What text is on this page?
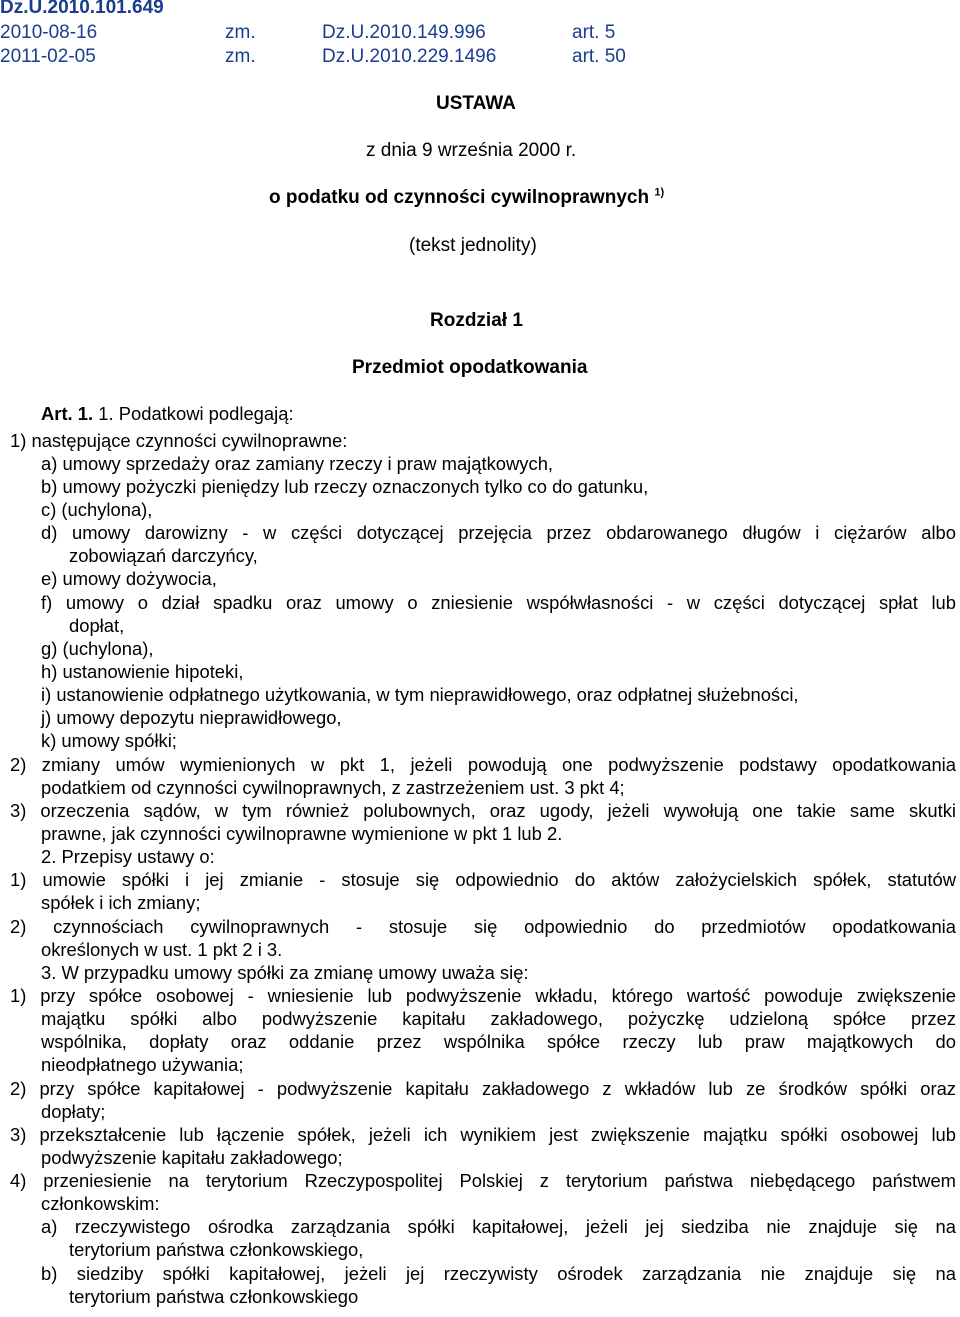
Dz.U.2010.101.649
2010-08-16	zm.	Dz.U.2010.149.996	art. 5
2011-02-05	zm.	Dz.U.2010.229.1496	art. 50
USTAWA
z dnia 9 września 2000 r.
o podatku od czynności cywilnoprawnych $^{1)}$
(tekst jednolity)
Rozdział 1
Przedmiot opodatkowania
Art. 1. 1. Podatkowi podlegają:
1) następujące czynności cywilnoprawne:
a) umowy sprzedaży oraz zamiany rzeczy i praw majątkowych,
b) umowy pożyczki pieniędzy lub rzeczy oznaczonych tylko co do gatunku,
c) (uchylona),
d) umowy darowizny - w części dotyczącej przejęcia przez obdarowanego długów i ciężarów albo
zobowiązań darczyńcy,
e) umowy dożywocia,
f) umowy o dział spadku oraz umowy o zniesienie współwłasności - w części dotyczącej spłat lub
dopłat,
g) (uchylona),
h) ustanowienie hipoteki,
i) ustanowienie odpłatnego użytkowania, w tym nieprawidłowego, oraz odpłatnej służebności,
j) umowy depozytu nieprawidłowego,
k) umowy spółki;
2) zmiany umów wymienionych w pkt 1, jeżeli powodują one podwyższenie podstawy opodatkowania
podatkiem od czynności cywilnoprawnych, z zastrzeżeniem ust. 3 pkt 4;
3) orzeczenia sądów, w tym również polubownych, oraz ugody, jeżeli wywołują one takie same skutki
prawne, jak czynności cywilnoprawne wymienione w pkt 1 lub 2.
2. Przepisy ustawy o:
1) umowie spółki i jej zmianie - stosuje się odpowiednio do aktów założycielskich spółek, statutów
spółek i ich zmiany;
2) czynnościach cywilnoprawnych - stosuje się odpowiednio do przedmiotów opodatkowania
określonych w ust. 1 pkt 2 i 3.
3. W przypadku umowy spółki za zmianę umowy uważa się:
1) przy spółce osobowej - wniesienie lub podwyższenie wkładu, którego wartość powoduje zwiększenie
majątku spółki albo podwyższenie kapitału zakładowego, pożyczkę udzieloną spółce przez
wspólnika, dopłaty oraz oddanie przez wspólnika spółce rzeczy lub praw majątkowych do
nieodpłatnego używania;
2) przy spółce kapitałowej - podwyższenie kapitału zakładowego z wkładów lub ze środków spółki oraz
dopłaty;
3) przekształcenie lub łączenie spółek, jeżeli ich wynikiem jest zwiększenie majątku spółki osobowej lub
podwyższenie kapitału zakładowego;
4) przeniesienie na terytorium Rzeczypospolitej Polskiej z terytorium państwa niebędącego państwem
członkowskim:
a) rzeczywistego ośrodka zarządzania spółki kapitałowej, jeżeli jej siedziba nie znajduje się na
terytorium państwa członkowskiego,
b) siedziby spółki kapitałowej, jeżeli jej rzeczywisty ośrodek zarządzania nie znajduje się na
terytorium państwa członkowskiego
